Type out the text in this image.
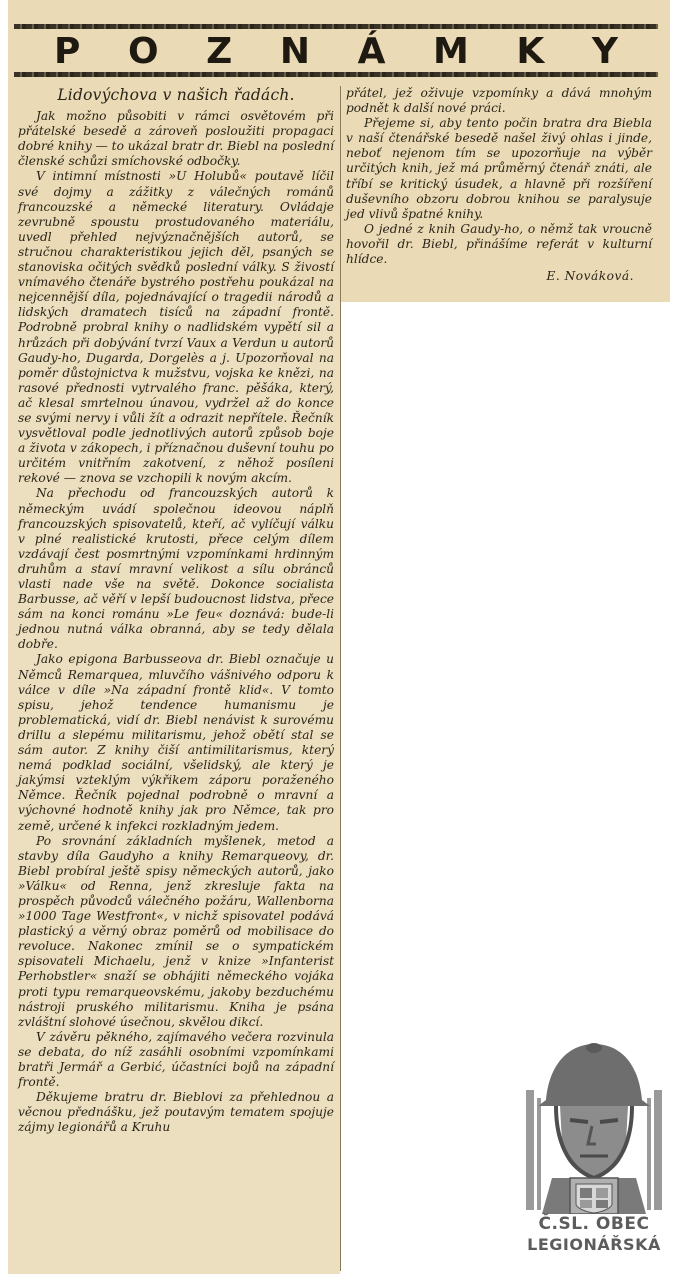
P O Z N Á M K Y
Lidovýchova v našich řadách.

Jak možno působiti v rámci osvětovém při přátelské besedě a zároveň posloužiti propagaci dobré knihy — to ukázal bratr dr. Biebl na poslední členské schůzi smíchovské odbočky.

V intimní místnosti »U Holubů« poutavě líčil své dojmy a zážitky z válečných románů francouzské a německé literatury. Ovládaje zevrubně spoustu prostudovaného materiálu, uvedl přehled nejvýznačnějších autorů, se stručnou charakteristikou jejich děl, psaných se stanoviska očitých svědků poslední války. S živostí vnímavého čtenáře bystrého postřehu poukázal na nejcennější díla, pojednávající o tragedii národů a lidských dramatech tisíců na západní frontě. Podrobně probral knihy o nadlidském vypětí sil a hrůzách při dobývání tvrzí Vaux a Verdun u autorů Gaudy-ho, Dugarda, Dorgelès a j. Upozorňoval na poměr důstojnictva k mužstvu, vojska ke knězi, na rasové přednosti vytrvalého franc. pěšáka, který, ač klesal smrtelnou únavou, vydržel až do konce se svými nervy i vůli žít a odrazit nepřítele. Řečník vysvětloval podle jednotlivých autorů způsob boje a života v zákopech, i příznačnou duševní touhu po určitém vnitřním zakotvení, z něhož posíleni rekové — znova se vzchopili k novým akcím.

Na přechodu od francouzských autorů k německým uvádí společnou ideovou náplň francouzských spisovatelů, kteří, ač vylíčují válku v plné realistické krutosti, přece celým dílem vzdávají čest posmrtnými vzpomínkami hrdinným druhům a staví mravní velikost a sílu obránců vlasti nade vše na světě. Dokonce socialista Barbusse, ač věří v lepší budoucnost lidstva, přece sám na konci románu »Le feu« doznává: bude-li jednou nutná válka obranná, aby se tedy dělala dobře.

Jako epigona Barbusseova dr. Biebl označuje u Němců Remarquea, mluvčího vášnivého odporu k válce v díle »Na západní frontě klid«. V tomto spisu, jehož tendence humanismu je problematická, vidí dr. Biebl nenávist k surovému drillu a slepému militarismu, jehož obětí stal se sám autor. Z knihy čiší antimilitarismus, který nemá podklad sociální, všelidský, ale který je jakýmsi vzteklým výkřikem záporu poraženého Němce. Řečník pojednal podrobně o mravní a výchovné hodnotě knihy jak pro Němce, tak pro země, určené k infekci rozkladným jedem.

Po srovnání základních myšlenek, metod a stavby díla Gaudyho a knihy Remarqueovy, dr. Biebl probíral ještě spisy německých autorů, jako »Válku« od Renna, jenž zkresluje fakta na prospěch původců válečného požáru, Wallenborna »1000 Tage Westfront«, v nichž spisovatel podává plastický a věrný obraz poměrů od mobilisace do revoluce. Nakonec zmínil se o sympatickém spisovateli Michaelu, jenž v knize »Infanterist Perhobstler« snaží se obhájiti německého vojáka proti typu remarqueovskému, jakoby bezduchému nástroji pruského militarismu. Kniha je psána zvláštní slohové úsečnou, skvělou dikcí.

V závěru pěkného, zajímavého večera rozvinula se debata, do níž zasáhli osobními vzpomínkami bratři Jermář a Gerbić, účastníci bojů na západní frontě.

Děkujeme bratru dr. Bieblovi za přehlednou a věcnou přednášku, jež poutavým tematem spojuje zájmy legionářů a Kruhu

přátel, jež oživuje vzpomínky a dává mnohým podnět k další nové práci.

Přejeme si, aby tento počin bratra dra Biebla v naší čtenářské besedě našel živý ohlas i jinde, neboť nejenom tím se upozorňuje na výběr určitých knih, jež má průměrný čtenář znáti, ale tříbí se kritický úsudek, a hlavně při rozšíření duševního obzoru dobrou knihou se paralysuje jed vlivů špatné knihy.

O jedné z knih Gaudy-ho, o němž tak vroucně hovořil dr. Biebl, přinášíme referát v kulturní hlídce.

E. Nováková.
Č.SL. OBEC
LEGIONÁŘSKÁ
